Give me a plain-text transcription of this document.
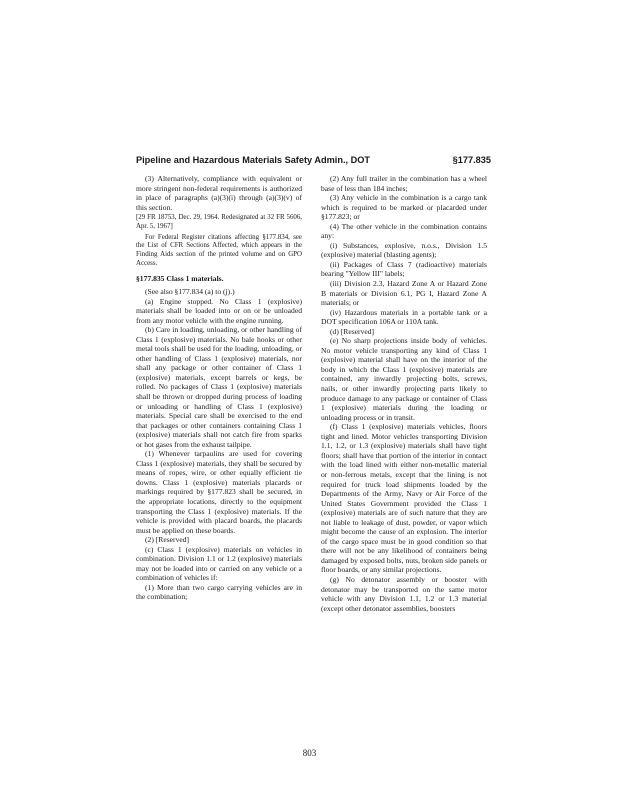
Pipeline and Hazardous Materials Safety Admin., DOT	§177.835

(3) Alternatively, compliance with equivalent or more stringent non-federal requirements is authorized in place of paragraphs (a)(3)(i) through (a)(3)(v) of this section.

[29 FR 18753, Dec. 29, 1964. Redesignated at 32 FR 5606, Apr. 5, 1967]

For Federal Register citations affecting §177.834, see the List of CFR Sections Affected, which appears in the Finding Aids section of the printed volume and on GPO Access.

§177.835 Class 1 materials.

(See also §177.834 (a) to (j).)

(a) Engine stopped. No Class 1 (explosive) materials shall be loaded into or on or be unloaded from any motor vehicle with the engine running.

(b) Care in loading, unloading, or other handling of Class 1 (explosive) materials. No bale hooks or other metal tools shall be used for the loading, unloading, or other handling of Class 1 (explosive) materials, nor shall any package or other container of Class 1 (explosive) materials, except barrels or kegs, be rolled. No packages of Class 1 (explosive) materials shall be thrown or dropped during process of loading or unloading or handling of Class 1 (explosive) materials. Special care shall be exercised to the end that packages or other containers containing Class 1 (explosive) materials shall not catch fire from sparks or hot gases from the exhaust tailpipe.

(1) Whenever tarpaulins are used for covering Class 1 (explosive) materials, they shall be secured by means of ropes, wire, or other equally efficient tie downs. Class 1 (explosive) materials placards or markings required by §177.823 shall be secured, in the appropriate locations, directly to the equipment transporting the Class 1 (explosive) materials. If the vehicle is provided with placard boards, the placards must be applied on these boards.

(2) [Reserved]

(c) Class 1 (explosive) materials on vehicles in combination. Division 1.1 or 1.2 (explosive) materials may not be loaded into or carried on any vehicle or a combination of vehicles if:

(1) More than two cargo carrying vehicles are in the combination;

(2) Any full trailer in the combination has a wheel base of less than 184 inches;

(3) Any vehicle in the combination is a cargo tank which is required to be marked or placarded under §177.823; or

(4) The other vehicle in the combination contains any:

(i) Substances, explosive, n.o.s., Division 1.5 (explosive) material (blasting agents);

(ii) Packages of Class 7 (radioactive) materials bearing "Yellow III" labels;

(iii) Division 2.3, Hazard Zone A or Hazard Zone B materials or Division 6.1, PG I, Hazard Zone A materials; or

(iv) Hazardous materials in a portable tank or a DOT specification 106A or 110A tank.

(d) [Reserved]

(e) No sharp projections inside body of vehicles. No motor vehicle transporting any kind of Class 1 (explosive) material shall have on the interior of the body in which the Class 1 (explosive) materials are contained, any inwardly projecting bolts, screws, nails, or other inwardly projecting parts likely to produce damage to any package or container of Class 1 (explosive) materials during the loading or unloading process or in transit.

(f) Class 1 (explosive) materials vehicles, floors tight and lined. Motor vehicles transporting Division 1.1, 1.2, or 1.3 (explosive) materials shall have tight floors; shall have that portion of the interior in contact with the load lined with either non-metallic material or non-ferrous metals, except that the lining is not required for truck load shipments loaded by the Departments of the Army, Navy or Air Force of the United States Government provided the Class 1 (explosive) materials are of such nature that they are not liable to leakage of dust, powder, or vapor which might become the cause of an explosion. The interior of the cargo space must be in good condition so that there will not be any likelihood of containers being damaged by exposed bolts, nuts, broken side panels or floor boards, or any similar projections.

(g) No detonator assembly or booster with detonator may be transported on the same motor vehicle with any Division 1.1, 1.2 or 1.3 material (except other detonator assemblies, boosters

803
